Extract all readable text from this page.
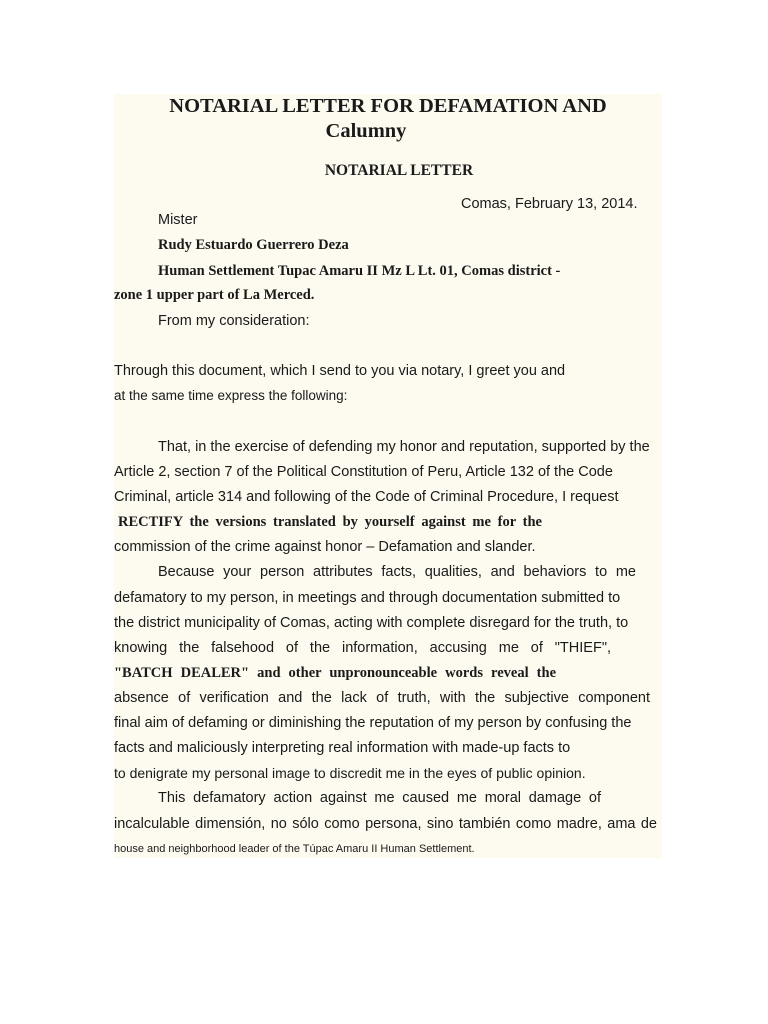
NOTARIAL LETTER FOR DEFAMATION AND
Calumny
NOTARIAL LETTER
Comas, February 13, 2014.
Mister
Rudy Estuardo Guerrero Deza
Human Settlement Tupac Amaru II Mz L Lt. 01, Comas district -
zone 1 upper part of La Merced.
From my consideration:
Through this document, which I send to you via notary, I greet you and
at the same time express the following:
That, in the exercise of defending my honor and reputation, supported by the
Article 2, section 7 of the Political Constitution of Peru, Article 132 of the Code
Criminal, article 314 and following of the Code of Criminal Procedure, I request
RECTIFY the versions translated by yourself against me for the
commission of the crime against honor – Defamation and slander.
Because your person attributes facts, qualities, and behaviors to me
defamatory to my person, in meetings and through documentation submitted to
the district municipality of Comas, acting with complete disregard for the truth, to
knowing the falsehood of the information, accusing me of "THIEF",
"BATCH DEALER" and other unpronounceable words reveal the
absence of verification and the lack of truth, with the subjective component
final aim of defaming or diminishing the reputation of my person by confusing the
facts and maliciously interpreting real information with made-up facts to
to denigrate my personal image to discredit me in the eyes of public opinion.
This defamatory action against me caused me moral damage of
incalculable dimensión, no sólo como persona, sino también como madre, ama de
house and neighborhood leader of the Túpac Amaru II Human Settlement.
